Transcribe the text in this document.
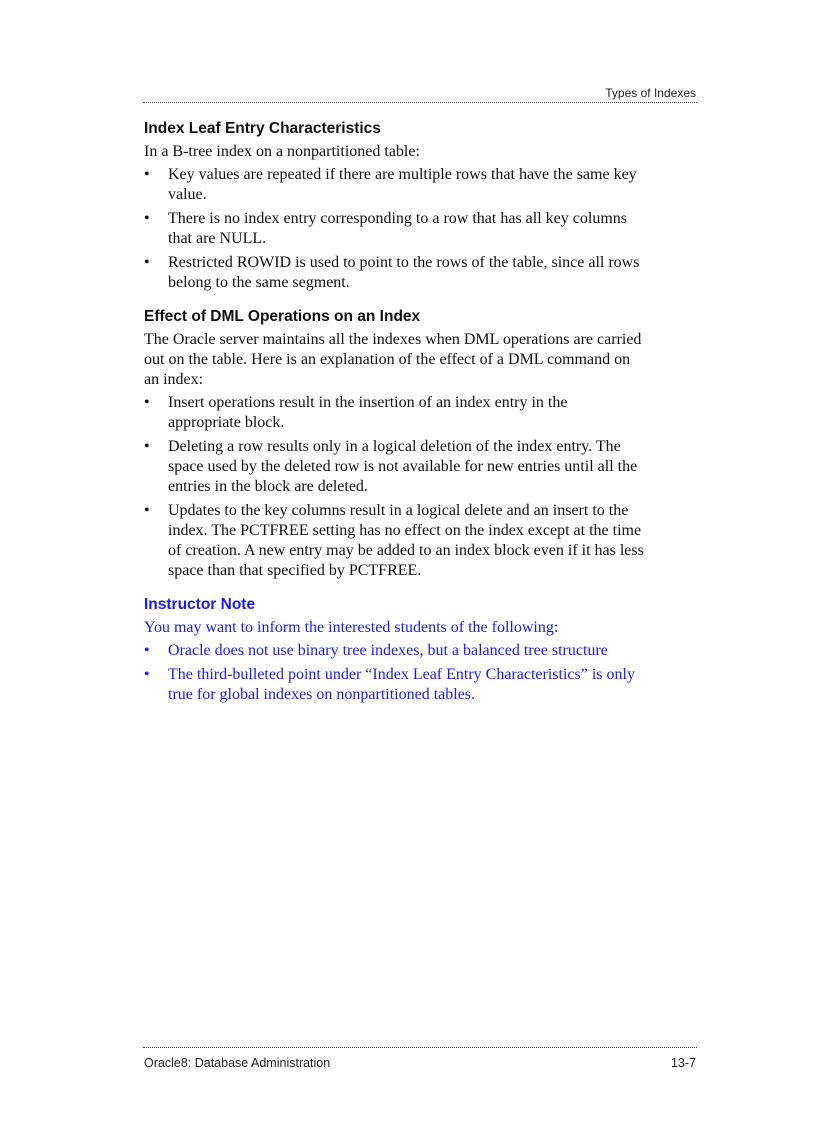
Types of Indexes
Index Leaf Entry Characteristics

In a B-tree index on a nonpartitioned table:

• Key values are repeated if there are multiple rows that have the same key value.
• There is no index entry corresponding to a row that has all key columns that are NULL.
• Restricted ROWID is used to point to the rows of the table, since all rows belong to the same segment.
Effect of DML Operations on an Index

The Oracle server maintains all the indexes when DML operations are carried out on the table. Here is an explanation of the effect of a DML command on an index:

• Insert operations result in the insertion of an index entry in the appropriate block.
• Deleting a row results only in a logical deletion of the index entry. The space used by the deleted row is not available for new entries until all the entries in the block are deleted.
• Updates to the key columns result in a logical delete and an insert to the index. The PCTFREE setting has no effect on the index except at the time of creation. A new entry may be added to an index block even if it has less space than that specified by PCTFREE.
Instructor Note

You may want to inform the interested students of the following:

• Oracle does not use binary tree indexes, but a balanced tree structure
• The third-bulleted point under “Index Leaf Entry Characteristics” is only true for global indexes on nonpartitioned tables.
Oracle8: Database Administration	13-7
